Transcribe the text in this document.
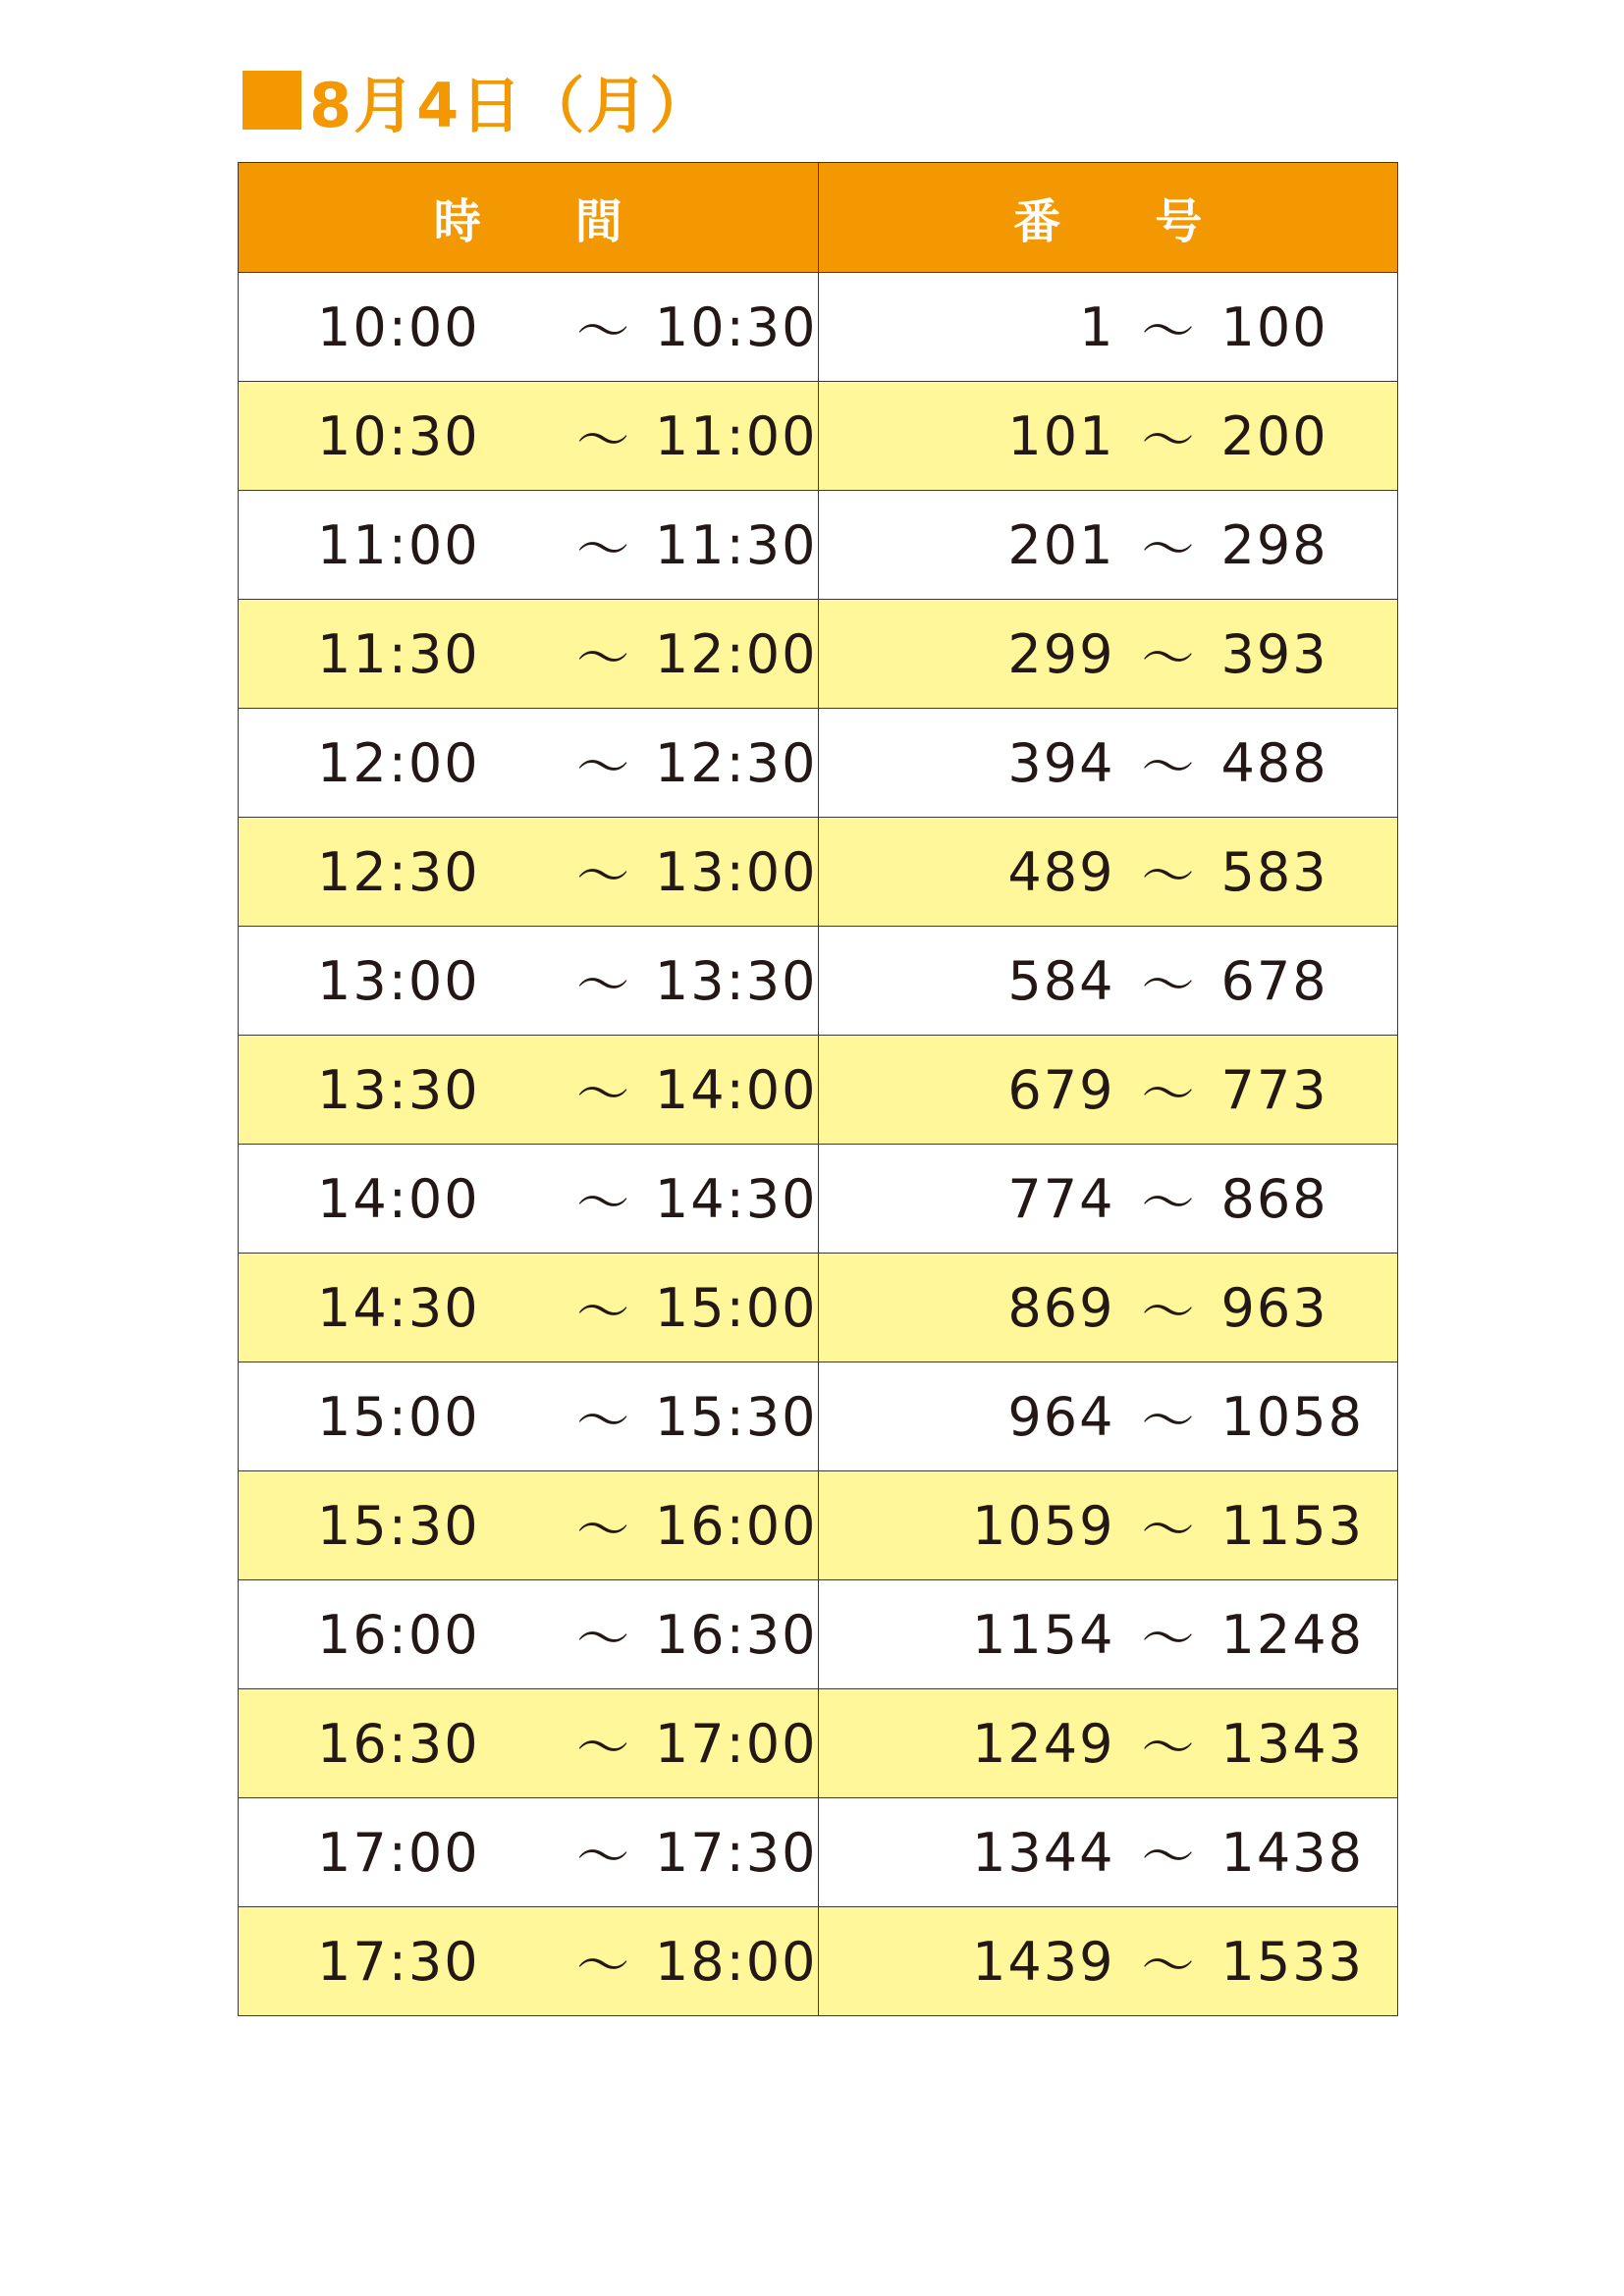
8月4日（月）
時　　間	番　　号

10:00 ～ 10:30	1 ～ 100

10:30 ～ 11:00	101 ～ 200

11:00 ～ 11:30	201 ～ 298

11:30 ～ 12:00	299 ～ 393

12:00 ～ 12:30	394 ～ 488

12:30 ～ 13:00	489 ～ 583

13:00 ～ 13:30	584 ～ 678

13:30 ～ 14:00	679 ～ 773

14:00 ～ 14:30	774 ～ 868

14:30 ～ 15:00	869 ～ 963

15:00 ～ 15:30	964 ～ 1058

15:30 ～ 16:00	1059 ～ 1153

16:00 ～ 16:30	1154 ～ 1248

16:30 ～ 17:00	1249 ～ 1343

17:00 ～ 17:30	1344 ～ 1438

17:30 ～ 18:00	1439 ～ 1533
